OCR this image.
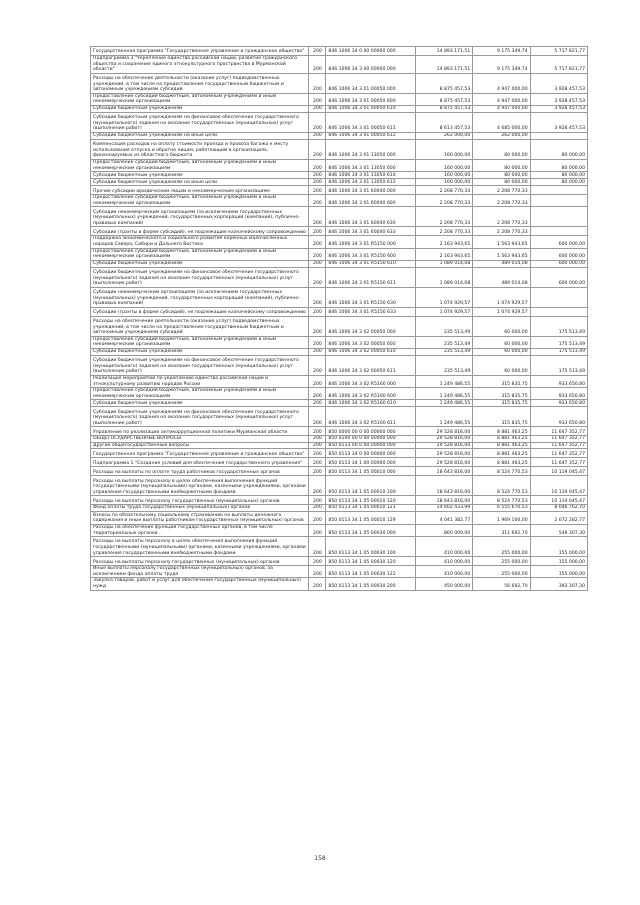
Государственная программа "Государственное управление и гражданское общество"	200	846 1006 34 0 00 00000 000	14 893 171,51	9 175 349,74	5 717 821,77
Подпрограмма 3 "Укрепление единства российской нации, развитие гражданского общества и сохранение единого этнокультурного пространства в Мурманской области"	200	846 1006 34 3 00 00000 000	14 893 171,51	9 175 349,74	5 717 821,77
Расходы на обеспечение деятельности (оказание услуг) подведомственных учреждений, в том числе на предоставление государственным бюджетным и автономным учреждениям субсидий	200	846 1006 34 3 01 00050 000	8 875 457,53	4 947 000,00	3 928 457,53
Предоставление субсидий бюджетным, автономным учреждениям и иным некоммерческим организациям	200	846 1006 34 3 01 00050 600	8 875 457,53	4 947 000,00	3 928 457,53
Субсидии бюджетным учреждениям	200	846 1006 34 3 01 00050 610	8 875 457,53	4 947 000,00	3 928 457,53
Субсидии бюджетным учреждениям на финансовое обеспечение государственного (муниципального) задания на оказание государственных (муниципальных) услуг (выполнение работ)	200	846 1006 34 3 01 00050 611	8 613 457,53	4 685 000,00	3 928 457,53
Субсидии бюджетным учреждениям на иные цели	200	846 1006 34 3 01 00050 612	262 000,00	262 000,00	
Компенсация расходов на оплату стоимости проезда и провоза багажа к месту использования отпуска и обратно лицам, работающим в организациях, финансируемых из областного бюджета	200	846 1006 34 3 01 13050 000	160 000,00	80 000,00	80 000,00
Предоставление субсидий бюджетным, автономным учреждениям и иным некоммерческим организациям	200	846 1006 34 3 01 13050 600	160 000,00	80 000,00	80 000,00
Субсидии бюджетным учреждениям	200	846 1006 34 3 01 13050 610	160 000,00	80 000,00	80 000,00
Субсидии бюджетным учреждениям на иные цели	200	846 1006 34 3 01 13050 612	160 000,00	80 000,00	80 000,00
Прочие субсидии юридическим лицам и некоммерческим организациям	200	846 1006 34 3 01 60040 000	2 208 770,33	2 208 770,33	
Предоставление субсидий бюджетным, автономным учреждениям и иным некоммерческим организациям	200	846 1006 34 3 01 60040 600	2 208 770,33	2 208 770,33	
Субсидии некоммерческим организациям (за исключением государственных (муниципальных) учреждений, государственных корпораций (компаний), публично-правовых компаний)	200	846 1006 34 3 01 60040 630	2 208 770,33	2 208 770,33	
Субсидии (гранты в форме субсидий), не подлежащие казначейскому сопровождению	200	846 1006 34 3 01 60040 633	2 208 770,33	2 208 770,33	
Поддержка экономического и социального развития коренных малочисленных народов Севера, Сибири и Дальнего Востока	200	846 1006 34 3 01 R5150 000	2 163 943,65	1 563 943,65	600 000,00
Предоставление субсидий бюджетным, автономным учреждениям и иным некоммерческим организациям	200	846 1006 34 3 01 R5150 600	2 163 943,65	1 563 943,65	600 000,00
Субсидии бюджетным учреждениям	200	846 1006 34 3 01 R5150 610	1 089 014,08	489 014,08	600 000,00
Субсидии бюджетным учреждениям на финансовое обеспечение государственного (муниципального) задания на оказание государственных (муниципальных) услуг (выполнение работ)	200	846 1006 34 3 01 R5150 611	1 089 014,08	489 014,08	600 000,00
Субсидии некоммерческим организациям (за исключением государственных (муниципальных) учреждений, государственных корпораций (компаний), публично-правовых компаний)	200	846 1006 34 3 01 R5150 630	1 074 929,57	1 074 929,57	
Субсидии (гранты в форме субсидий), не подлежащие казначейскому сопровождению	200	846 1006 34 3 01 R5150 633	1 074 929,57	1 074 929,57	
Расходы на обеспечение деятельности (оказание услуг) подведомственных учреждений, в том числе на предоставление государственным бюджетным и автономным учреждениям субсидий	200	846 1006 34 3 02 00050 000	235 513,49	60 000,00	175 513,49
Предоставление субсидий бюджетным, автономным учреждениям и иным некоммерческим организациям	200	846 1006 34 3 02 00050 600	235 513,49	60 000,00	175 513,49
Субсидии бюджетным учреждениям	200	846 1006 34 3 02 00050 610	235 513,49	60 000,00	175 513,49
Субсидии бюджетным учреждениям на финансовое обеспечение государственного (муниципального) задания на оказание государственных (муниципальных) услуг (выполнение работ)	200	846 1006 34 3 02 00050 611	235 513,49	60 000,00	175 513,49
Реализация мероприятий по укреплению единства российской нации и этнокультурному развитию народов России	200	846 1006 34 3 02 R5160 000	1 249 486,55	315 835,75	933 650,80
Предоставление субсидий бюджетным, автономным учреждениям и иным некоммерческим организациям	200	846 1006 34 3 02 R5160 600	1 249 486,55	315 835,75	933 650,80
Субсидии бюджетным учреждениям	200	846 1006 34 3 02 R5160 610	1 249 486,55	315 835,75	933 650,80
Субсидии бюджетным учреждениям на финансовое обеспечение государственного (муниципального) задания на оказание государственных (муниципальных) услуг (выполнение работ)	200	846 1006 34 3 02 R5160 611	1 249 486,55	315 835,75	933 650,80
Управление по реализации антикоррупционной политики Мурманской области	200	850 0000 00 0 00 00000 000	29 528 816,00	8 881 463,25	11 647 352,77
ОБЩЕГОСУДАРСТВЕННЫЕ ВОПРОСЫ	200	850 0100 00 0 00 00000 000	29 528 816,00	8 881 463,25	11 647 352,77
Другие общегосударственные вопросы	200	850 0113 00 0 00 00000 000	29 528 816,00	8 881 463,25	11 647 352,77
Государственная программа "Государственное управление и гражданское общество"	200	850 0113 34 0 00 00000 000	29 528 816,00	8 881 463,25	11 647 352,77
Подпрограмма 1 "Создание условий для обеспечения государственного управления"	200	850 0113 34 1 00 00000 000	29 528 816,00	8 881 463,25	11 647 352,77
Расходы на выплаты по оплате труда работников государственных органов	200	850 0113 34 1 05 00010 000	18 643 816,00	8 524 770,53	10 119 045,47
Расходы на выплаты персоналу в целях обеспечения выполнения функций государственными (муниципальными) органами, казенными учреждениями, органами управления государственными внебюджетными фондами	200	850 0113 34 1 05 00010 100	18 643 816,00	8 524 770,53	10 119 045,47
Расходы на выплаты персоналу государственных (муниципальных) органов	200	850 0113 34 1 05 00010 120	18 643 816,00	8 524 770,53	10 119 045,47
Фонд оплаты труда государственных (муниципальных) органов	200	850 0113 34 1 05 00010 121	14 602 433,99	6 555 670,53	8 046 762,70
Взносы по обязательному социальному страхованию на выплаты денежного содержания и иные выплаты работникам государственных (муниципальных) органов	200	850 0113 34 1 05 00010 129	4 041 382,77	1 969 100,00	2 072 282,77
Расходы на обеспечение функций государственных органов, в том числе территориальных органов	200	850 0113 34 1 05 00030 000	860 000,00	311 692,70	548 307,30
Расходы на выплаты персоналу в целях обеспечения выполнения функций государственными (муниципальными) органами, казенными учреждениями, органами управления государственными внебюджетными фондами	200	850 0113 34 1 05 00030 100	410 000,00	255 000,00	155 000,00
Расходы на выплаты персоналу государственных (муниципальных) органов	200	850 0113 34 1 05 00030 120	410 000,00	255 000,00	155 000,00
Иные выплаты персоналу государственных (муниципальных) органов, за исключением фонда оплаты труда	200	850 0113 34 1 05 00030 122	410 000,00	255 000,00	155 000,00
Закупка товаров, работ и услуг для обеспечения государственных (муниципальных) нужд	200	850 0113 34 1 05 00030 200	450 000,00	56 692,70	393 307,30
158
